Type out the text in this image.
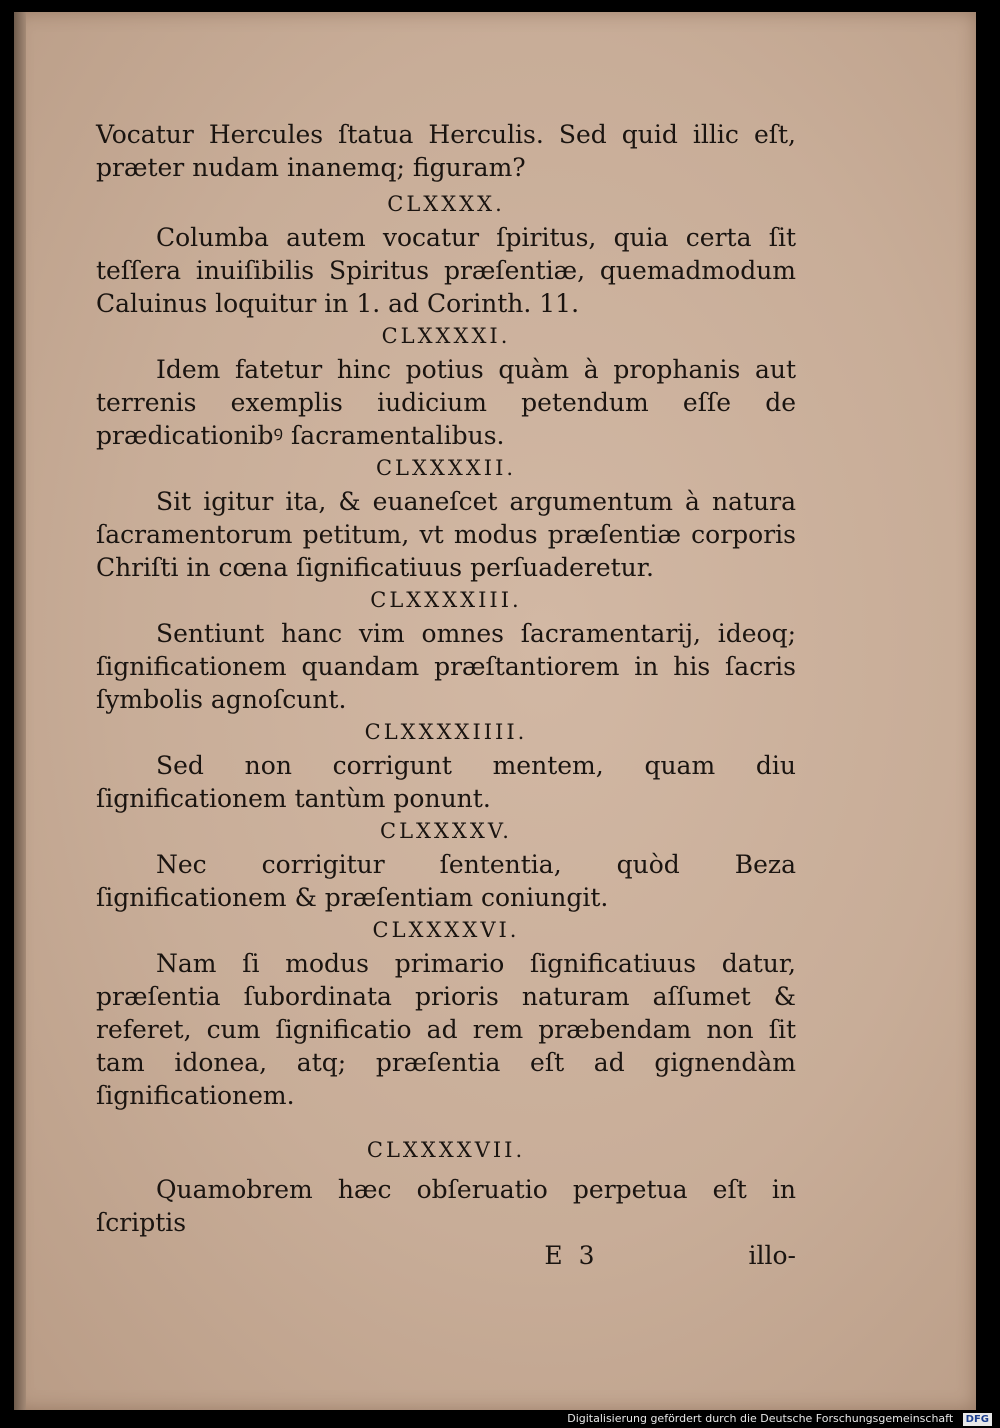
Vocatur Hercules ſtatua Herculis. Sed quid illic eſt, præter nudam inanemq; figuram?

CLXXXX.

Columba autem vocatur ſpiritus, quia certa ſit teſſera inuiſibilis Spiritus præſentiæ, quemadmodum Caluinus loquitur in 1. ad Corinth. 11.

CLXXXXI.

Idem fatetur hinc potius quàm à prophanis aut terrenis exemplis iudicium petendum eſſe de prædicationibꝰ ſacramentalibus.

CLXXXXII.

Sit igitur ita, & euaneſcet argumentum à natura ſacramentorum petitum, vt modus præſentiæ corporis Chriſti in cœna ſignificatiuus perſuaderetur.

CLXXXXIII.

Sentiunt hanc vim omnes ſacramentarij, ideoq; ſignificationem quandam præſtantiorem in his ſacris ſymbolis agnoſcunt.

CLXXXXIIII.

Sed non corrigunt mentem, quam diu ſignificationem tantùm ponunt.

CLXXXXV.

Nec corrigitur ſententia, quòd Beza ſignificationem & præſentiam coniungit.

CLXXXXVI.

Nam ſi modus primario ſignificatiuus datur, præſentia ſubordinata prioris naturam aſſumet & referet, cum ſignificatio ad rem præbendam non ſit tam idonea, atq; præſentia eſt ad gignendàm ſignificationem.

CLXXXXVII.

Quamobrem hæc obſeruatio perpetua eſt in ſcriptis

E 3	illo-
Digitalisierung gefördert durch die Deutsche Forschungsgemeinschaft DFG
